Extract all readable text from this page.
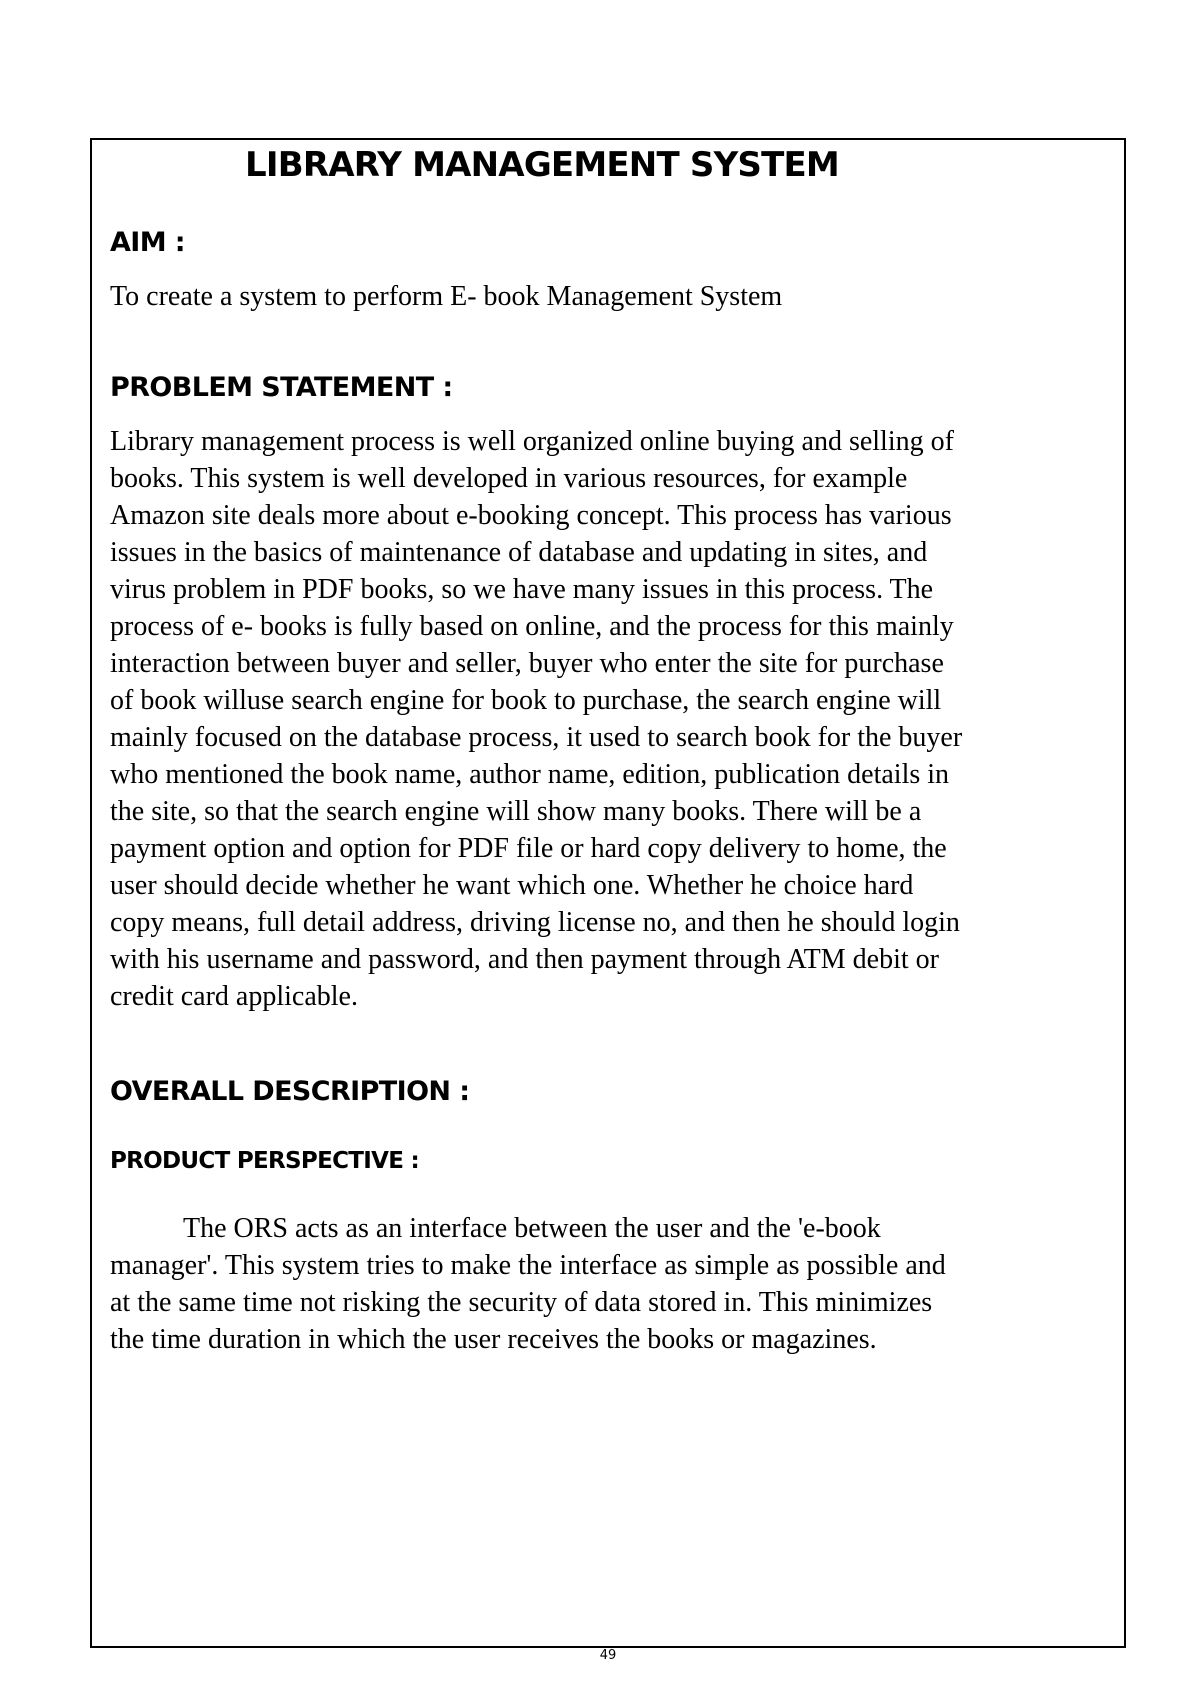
LIBRARY MANAGEMENT SYSTEM
AIM :

To create a system to perform E- book Management System

PROBLEM STATEMENT :
Library management process is well organized online buying and selling of
books. This system is well developed in various resources, for example
Amazon site deals more about e-booking concept. This process has various
issues in the basics of maintenance of database and updating in sites, and
virus problem in PDF books, so we have many issues in this process. The
process of e- books is fully based on online, and the process for this mainly
interaction between buyer and seller, buyer who enter the site for purchase
of book willuse search engine for book to purchase, the search engine will
mainly focused on the database process, it used to search book for the buyer
who mentioned the book name, author name, edition, publication details in
the site, so that the search engine will show many books. There will be a
payment option and option for PDF file or hard copy delivery to home, the
user should decide whether he want which one. Whether he choice hard
copy means, full detail address, driving license no, and then he should login
with his username and password, and then payment through ATM debit or
credit card applicable.
OVERALL DESCRIPTION :
PRODUCT PERSPECTIVE :
The ORS acts as an interface between the user and the 'e-book
manager'. This system tries to make the interface as simple as possible and
at the same time not risking the security of data stored in. This minimizes
the time duration in which the user receives the books or magazines.

49
